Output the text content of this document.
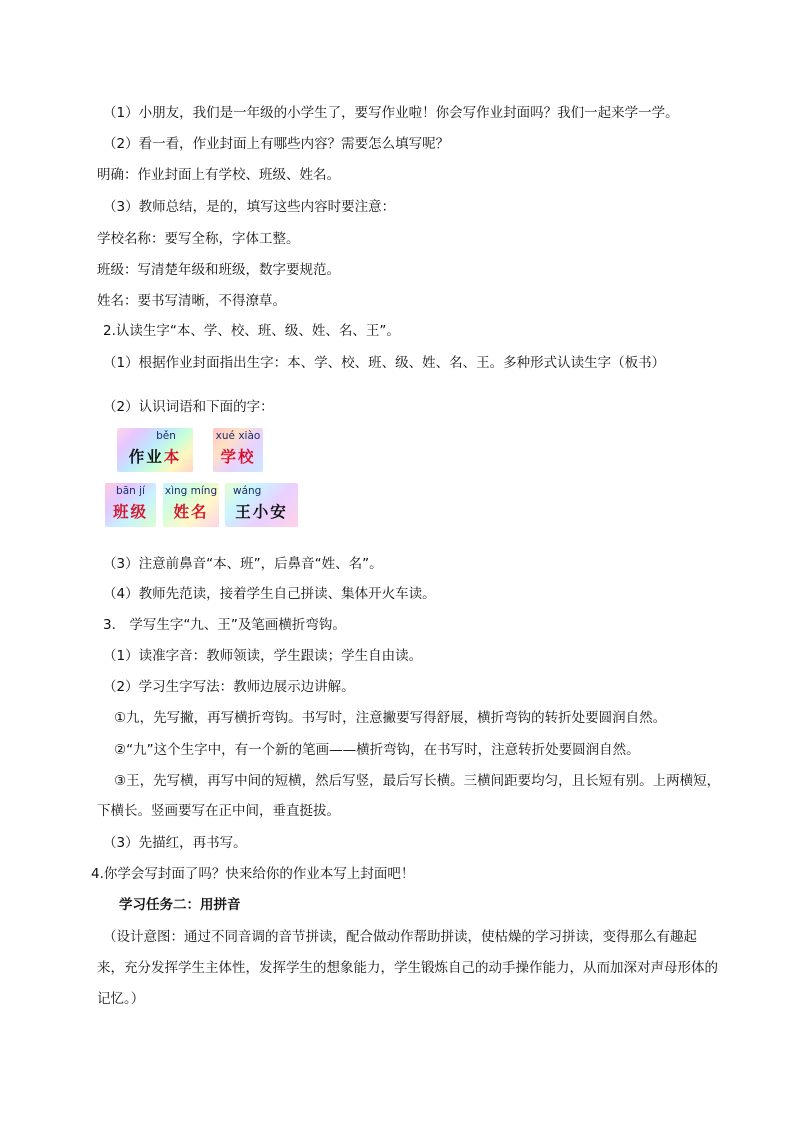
（1）小朋友，我们是一年级的小学生了，要写作业啦！你会写作业封面吗？我们一起来学一学。
（2）看一看，作业封面上有哪些内容？需要怎么填写呢？
明确：作业封面上有学校、班级、姓名。
（3）教师总结，是的，填写这些内容时要注意：
学校名称：要写全称，字体工整。
班级：写清楚年级和班级，数字要规范。
姓名：要书写清晰，不得潦草。
2.认读生字“本、学、校、班、级、姓、名、王”。
（1）根据作业封面指出生字：本、学、校、班、级、姓、名、王。多种形式认读生字（板书）
（2）认识词语和下面的字：
běn
作业本
xué xiào
学校
bān jí
班级
xìng míng
姓名
wáng
王小安
（3）注意前鼻音“本、班”，后鼻音“姓、名”。
（4）教师先范读，接着学生自己拼读、集体开火车读。
3.　学写生字“九、王”及笔画横折弯钩。
（1）读准字音：教师领读，学生跟读；学生自由读。
（2）学习生字写法：教师边展示边讲解。
①九，先写撇，再写横折弯钩。书写时，注意撇要写得舒展，横折弯钩的转折处要圆润自然。
②“九”这个生字中，有一个新的笔画——横折弯钩，在书写时，注意转折处要圆润自然。
③王，先写横，再写中间的短横，然后写竖，最后写长横。三横间距要均匀，且长短有别。上两横短，
下横长。竖画要写在正中间，垂直挺拔。
（3）先描红，再书写。
4.你学会写封面了吗？快来给你的作业本写上封面吧！
学习任务二：用拼音
（设计意图：通过不同音调的音节拼读，配合做动作帮助拼读，使枯燥的学习拼读，变得那么有趣起
来，充分发挥学生主体性，发挥学生的想象能力，学生锻炼自己的动手操作能力，从而加深对声母形体的
记忆。）
